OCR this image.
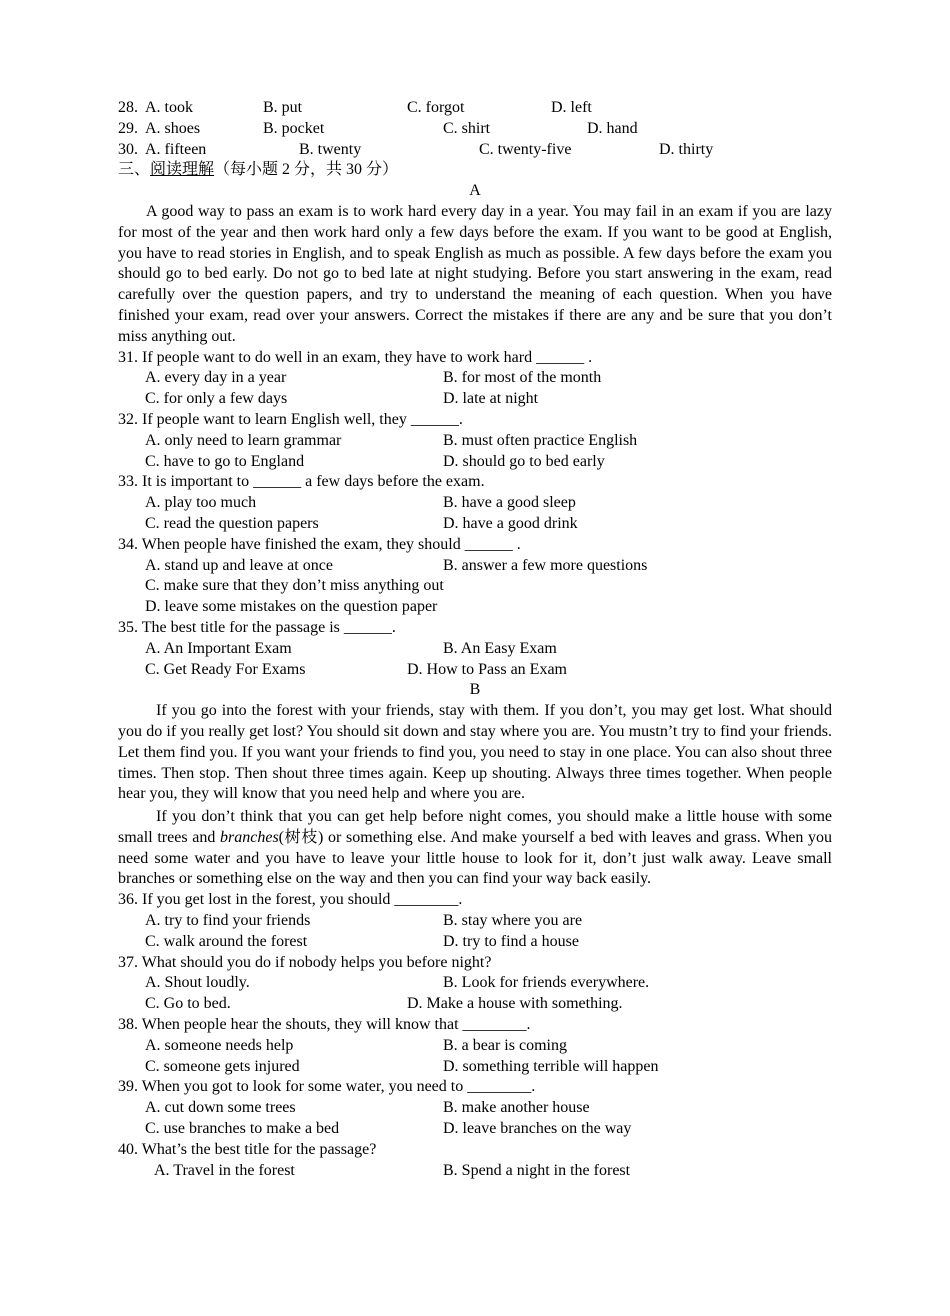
28. A. took	B. put	C. forgot	D. left
29. A. shoes	B. pocket	C. shirt	D. hand
30. A. fifteen	B. twenty	C. twenty-five	D. thirty
三、阅读理解（每小题 2 分，共 30 分）
A

A good way to pass an exam is to work hard every day in a year. You may fail in an exam if you are lazy for most of the year and then work hard only a few days before the exam. If you want to be good at English, you have to read stories in English, and to speak English as much as possible. A few days before the exam you should go to bed early. Do not go to bed late at night studying. Before you start answering in the exam, read carefully over the question papers, and try to understand the meaning of each question. When you have finished your exam, read over your answers. Correct the mistakes if there are any and be sure that you don’t miss anything out.

31. If people want to do well in an exam, they have to work hard ______ .
A. every day in a year	B. for most of the month
C. for only a few days	D. late at night
32. If people want to learn English well, they ______.
A. only need to learn grammar	B. must often practice English
C. have to go to England	D. should go to bed early
33. It is important to ______ a few days before the exam.
A. play too much	B. have a good sleep
C. read the question papers	D. have a good drink
34. When people have finished the exam, they should ______ .
A. stand up and leave at once	B. answer a few more questions
C. make sure that they don’t miss anything out
D. leave some mistakes on the question paper
35. The best title for the passage is ______.
A. An Important Exam	B. An Easy Exam
C. Get Ready For Exams	D. How to Pass an Exam
B

If you go into the forest with your friends, stay with them. If you don’t, you may get lost. What should you do if you really get lost? You should sit down and stay where you are. You mustn’t try to find your friends. Let them find you. If you want your friends to find you, you need to stay in one place. You can also shout three times. Then stop. Then shout three times again. Keep up shouting. Always three times together. When people hear you, they will know that you need help and where you are.

If you don’t think that you can get help before night comes, you should make a little house with some small trees and branches(树枝) or something else. And make yourself a bed with leaves and grass. When you need some water and you have to leave your little house to look for it, don’t just walk away. Leave small branches or something else on the way and then you can find your way back easily.

36. If you get lost in the forest, you should ________.
A. try to find your friends	B. stay where you are
C. walk around the forest	D. try to find a house
37. What should you do if nobody helps you before night?
A. Shout loudly.	B. Look for friends everywhere.
C. Go to bed.	D. Make a house with something.
38. When people hear the shouts, they will know that ________.
A. someone needs help	B. a bear is coming
C. someone gets injured	D. something terrible will happen
39. When you got to look for some water, you need to ________.
A. cut down some trees	B. make another house
C. use branches to make a bed	D. leave branches on the way
40. What’s the best title for the passage?
A. Travel in the forest	B. Spend a night in the forest
